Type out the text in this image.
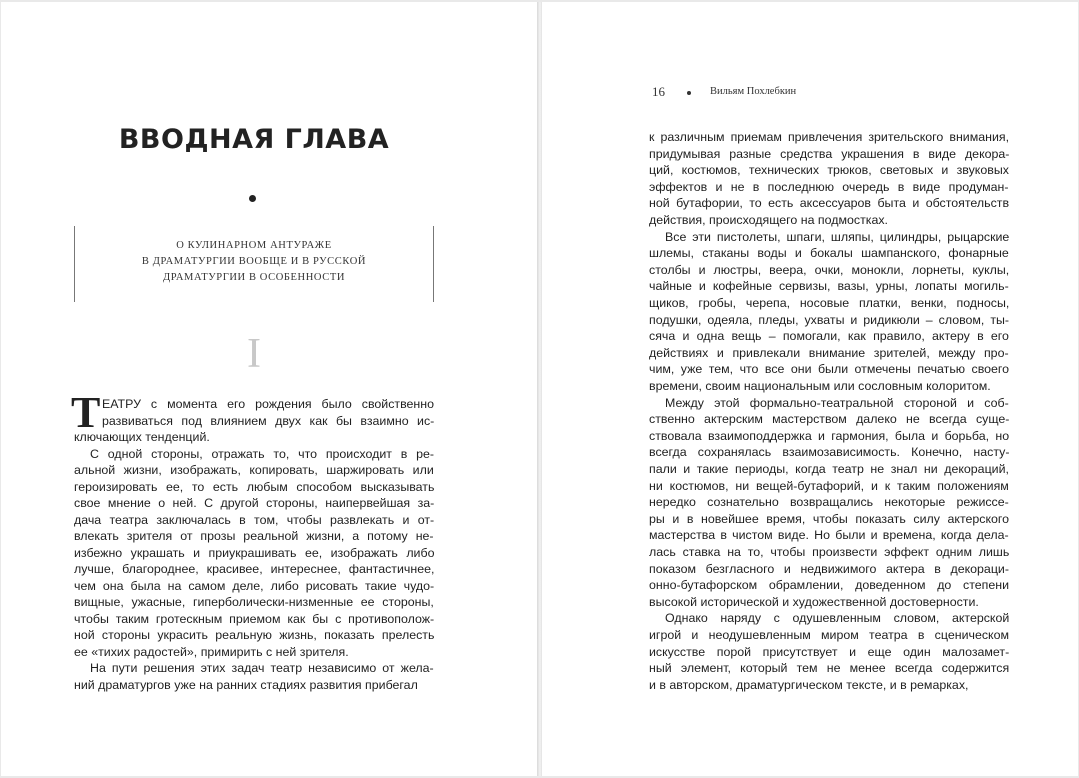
ВВОДНАЯ ГЛАВА
О КУЛИНАРНОМ АНТУРАЖЕ
В ДРАМАТУРГИИ ВООБЩЕ И В РУССКОЙ
ДРАМАТУРГИИ В ОСОБЕННОСТИ
I
Т ЕАТРУ с момента его рождения было свойственно
развиваться под влиянием двух как бы взаимно ис-
ключающих тенденций.
С одной стороны, отражать то, что происходит в ре-
альной жизни, изображать, копировать, шаржировать или
героизировать ее, то есть любым способом высказывать
свое мнение о ней. С другой стороны, наипервейшая за-
дача театра заключалась в том, чтобы развлекать и от-
влекать зрителя от прозы реальной жизни, а потому не-
избежно украшать и приукрашивать ее, изображать либо
лучше, благороднее, красивее, интереснее, фантастичнее,
чем она была на самом деле, либо рисовать такие чудо-
вищные, ужасные, гиперболически-низменные ее стороны,
чтобы таким гротескным приемом как бы с противополож-
ной стороны украсить реальную жизнь, показать прелесть
ее «тихих радостей», примирить с ней зрителя.
На пути решения этих задач театр независимо от жела-
ний драматургов уже на ранних стадиях развития прибегал
16	Вильям Похлебкин
к различным приемам привлечения зрительского внимания,
придумывая разные средства украшения в виде декора-
ций, костюмов, технических трюков, световых и звуковых
эффектов и не в последнюю очередь в виде продуман-
ной бутафории, то есть аксессуаров быта и обстоятельств
действия, происходящего на подмостках.
Все эти пистолеты, шпаги, шляпы, цилиндры, рыцарские
шлемы, стаканы воды и бокалы шампанского, фонарные
столбы и люстры, веера, очки, монокли, лорнеты, куклы,
чайные и кофейные сервизы, вазы, урны, лопаты могиль-
щиков, гробы, черепа, носовые платки, венки, подносы,
подушки, одеяла, пледы, ухваты и ридикюли – словом, ты-
сяча и одна вещь – помогали, как правило, актеру в его
действиях и привлекали внимание зрителей, между про-
чим, уже тем, что все они были отмечены печатью своего
времени, своим национальным или сословным колоритом.
Между этой формально-театральной стороной и соб-
ственно актерским мастерством далеко не всегда суще-
ствовала взаимоподдержка и гармония, была и борьба, но
всегда сохранялась взаимозависимость. Конечно, насту-
пали и такие периоды, когда театр не знал ни декораций,
ни костюмов, ни вещей-бутафорий, и к таким положениям
нередко сознательно возвращались некоторые режиссе-
ры и в новейшее время, чтобы показать силу актерского
мастерства в чистом виде. Но были и времена, когда дела-
лась ставка на то, чтобы произвести эффект одним лишь
показом безгласного и недвижимого актера в декораци-
онно-бутафорском обрамлении, доведенном до степени
высокой исторической и художественной достоверности.
Однако наряду с одушевленным словом, актерской
игрой и неодушевленным миром театра в сценическом
искусстве порой присутствует и еще один малозамет-
ный элемент, который тем не менее всегда содержится
и в авторском, драматургическом тексте, и в ремарках,
